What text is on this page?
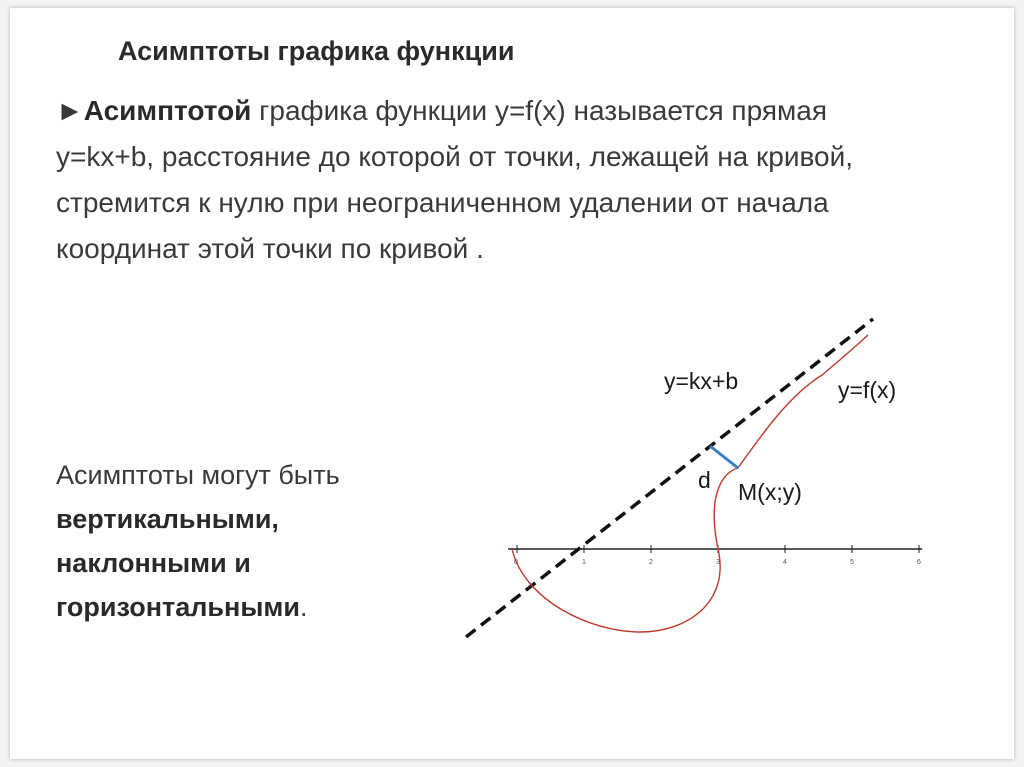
Асимптоты графика функции
►Асимптотой графика функции y=f(x) называется прямая y=kx+b, расстояние до которой от точки, лежащей на кривой, стремится к нулю при неограниченном удалении от начала координат этой точки по кривой .
Асимптоты могут быть
вертикальными,
наклонными и
горизонтальными.
0	1	2	3	4	5	6
y=kx+b	y=f(x)
d M(x;y)
